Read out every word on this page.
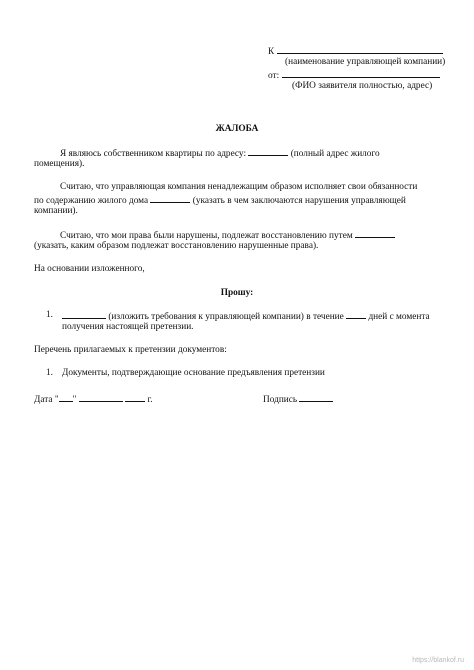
К
(наименование управляющей компании)
от:
(ФИО заявителя полностью, адрес)
ЖАЛОБА
Я являюсь собственником квартиры по адресу:	(полный адрес жилого
помещения).
Считаю, что управляющая компания ненадлежащим образом исполняет свои обязанности
по содержанию жилого дома	(указать в чем заключаются нарушения управляющей
компании).
Считаю, что мои права были нарушены, подлежат восстановлению путем
(указать, каким образом подлежат восстановлению нарушенные права).
На основании изложенного,
Прошу:
1.	(изложить требования к управляющей компании) в течение	дней с момента
получения настоящей претензии.
Перечень прилагаемых к претензии документов:
1. Документы, подтверждающие основание предъявления претензии
Дата " "	г.	Подпись
https://blankof.ru
